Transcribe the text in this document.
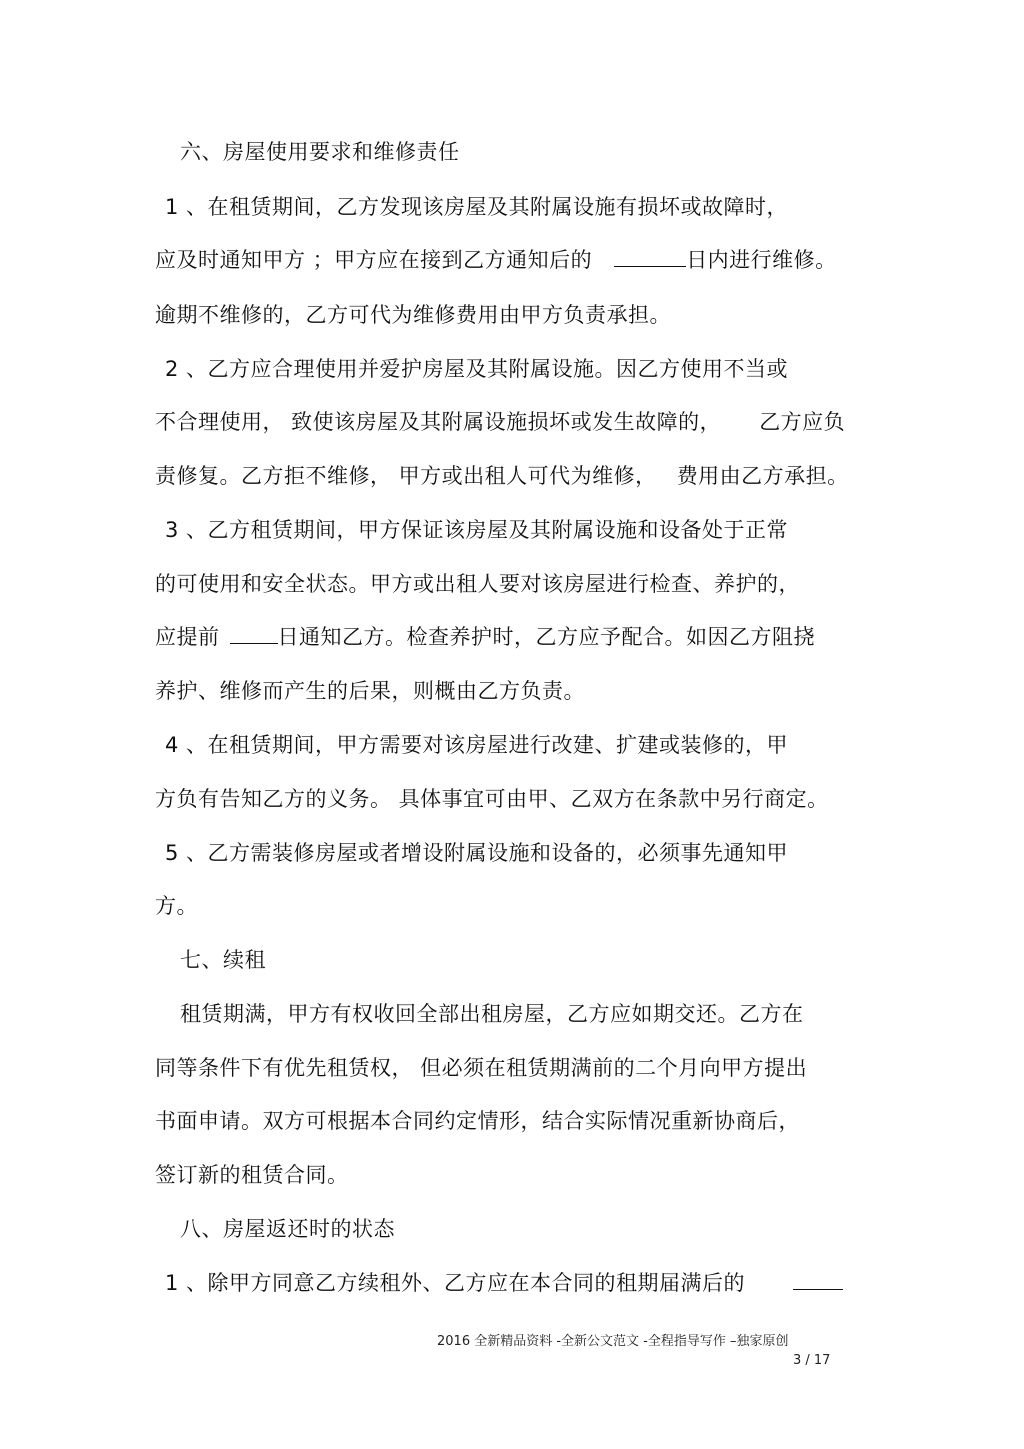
六、房屋使用要求和维修责任
1 、在租赁期间，乙方发现该房屋及其附属设施有损坏或故障时，
应及时通知甲方 ；甲方应在接到乙方通知后的	日内进行维修。
逾期不维修的，乙方可代为维修费用由甲方负责承担。
2 、乙方应合理使用并爱护房屋及其附属设施。因乙方使用不当或
不合理使用， 致使该房屋及其附属设施损坏或发生故障的， 乙方应负
责修复。乙方拒不维修， 甲方或出租人可代为维修， 费用由乙方承担。
3 、乙方租赁期间，甲方保证该房屋及其附属设施和设备处于正常
的可使用和安全状态。甲方或出租人要对该房屋进行检查、养护的，
应提前	日通知乙方。检查养护时，乙方应予配合。如因乙方阻挠
养护、维修而产生的后果，则概由乙方负责。
4 、在租赁期间，甲方需要对该房屋进行改建、扩建或装修的，甲
方负有告知乙方的义务。 具体事宜可由甲、乙双方在条款中另行商定。
5 、乙方需装修房屋或者增设附属设施和设备的，必须事先通知甲
方。
七、续租
租赁期满，甲方有权收回全部出租房屋，乙方应如期交还。乙方在
同等条件下有优先租赁权， 但必须在租赁期满前的二个月向甲方提出
书面申请。双方可根据本合同约定情形，结合实际情况重新协商后，
签订新的租赁合同。
八、房屋返还时的状态
1 、除甲方同意乙方续租外、乙方应在本合同的租期届满后的
2016 全新精品资料 -全新公文范文 -全程指导写作 –独家原创
3 / 17
